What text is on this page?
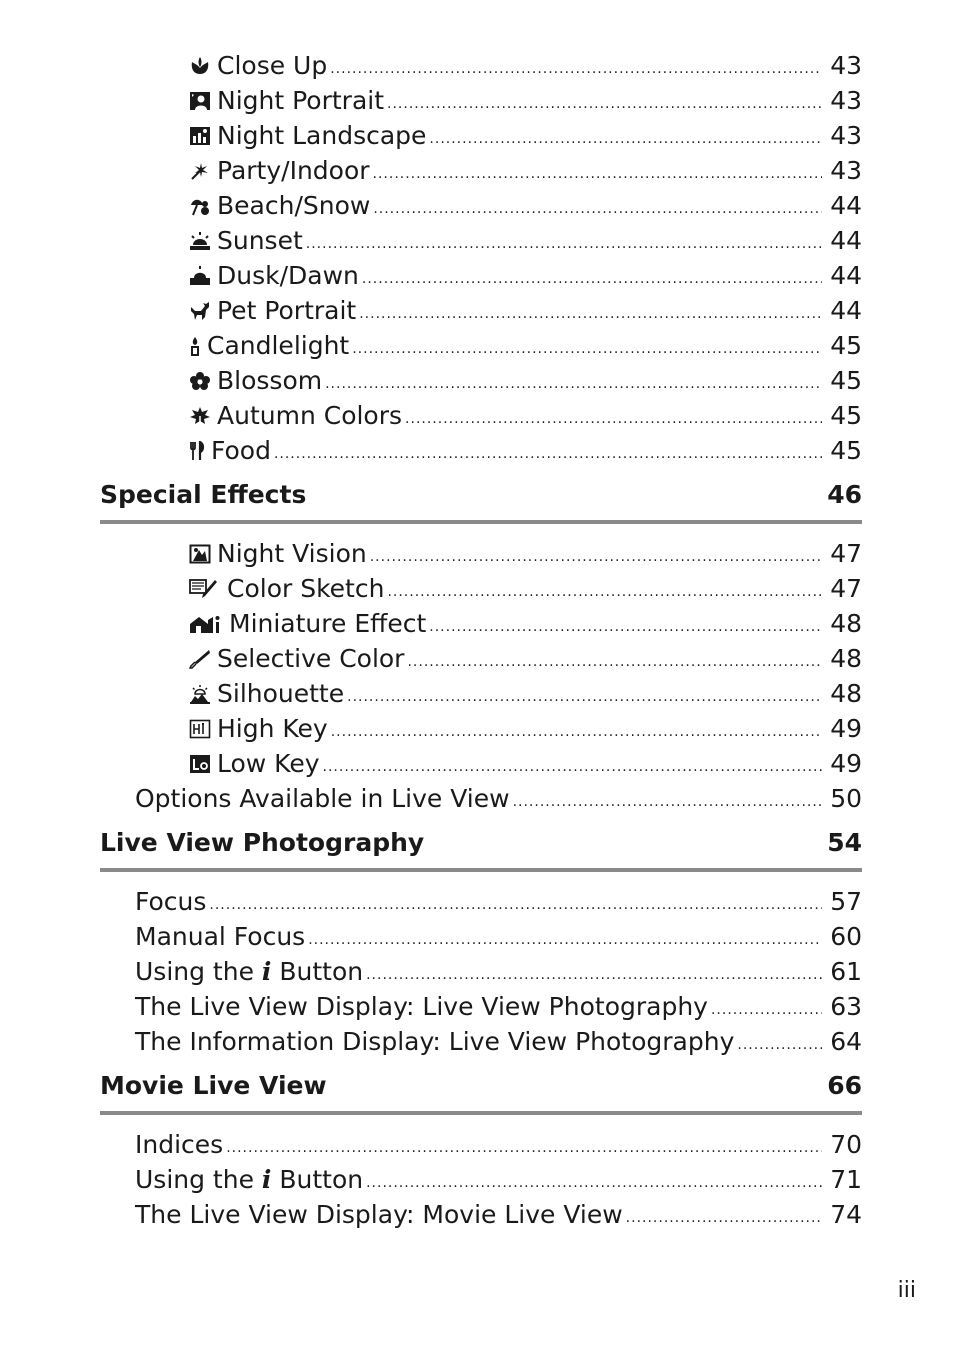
Close Up .....	43
Night Portrait .....	43
Night Landscape .....	43
Party/Indoor .....	43
Beach/Snow .....	44
Sunset .....	44
Dusk/Dawn .....	44
Pet Portrait .....	44
Candlelight .....	45
Blossom .....	45
Autumn Colors .....	45
Food .....	45
Special Effects	46
Night Vision .....	47
Color Sketch .....	47
Miniature Effect .....	48
Selective Color .....	48
Silhouette .....	48
High Key .....	49
Low Key .....	49
Options Available in Live View .....	50
Live View Photography	54
Focus .....	57
Manual Focus .....	60
Using the i Button .....	61
The Live View Display: Live View Photography .....	63
The Information Display: Live View Photography .....	64
Movie Live View	66
Indices .....	70
Using the i Button .....	71
The Live View Display: Movie Live View .....	74
iii
